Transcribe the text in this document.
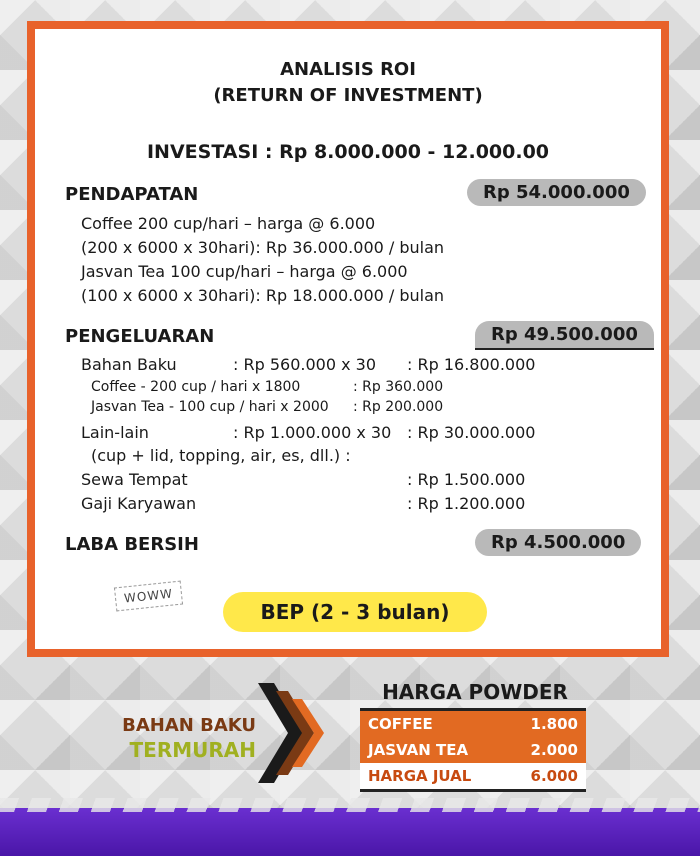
ANALISIS ROI
(RETURN OF INVESTMENT)
INVESTASI : Rp 8.000.000 - 12.000.00
PENDAPATAN	Rp 54.000.000
Coffee 200 cup/hari – harga @ 6.000
(200 x 6000 x 30hari): Rp 36.000.000 / bulan
Jasvan Tea 100 cup/hari – harga @ 6.000
(100 x 6000 x 30hari): Rp 18.000.000 / bulan
PENGELUARAN	Rp 49.500.000
Bahan Baku	: Rp 560.000 x 30 : Rp 16.800.000
Coffee - 200 cup / hari x 1800	: Rp 360.000
Jasvan Tea - 100 cup / hari x 2000 : Rp 200.000
Lain-lain	: Rp 1.000.000 x 30 : Rp 30.000.000
(cup + lid, topping, air, es, dll.) :
Sewa Tempat	: Rp 1.500.000
Gaji Karyawan	: Rp 1.200.000
LABA BERSIH	Rp 4.500.000
WOWW
BEP (2 - 3 bulan)
BAHAN BAKU
TERMURAH
HARGA POWDER
COFFEE	1.800
JASVAN TEA	2.000
HARGA JUAL	6.000
